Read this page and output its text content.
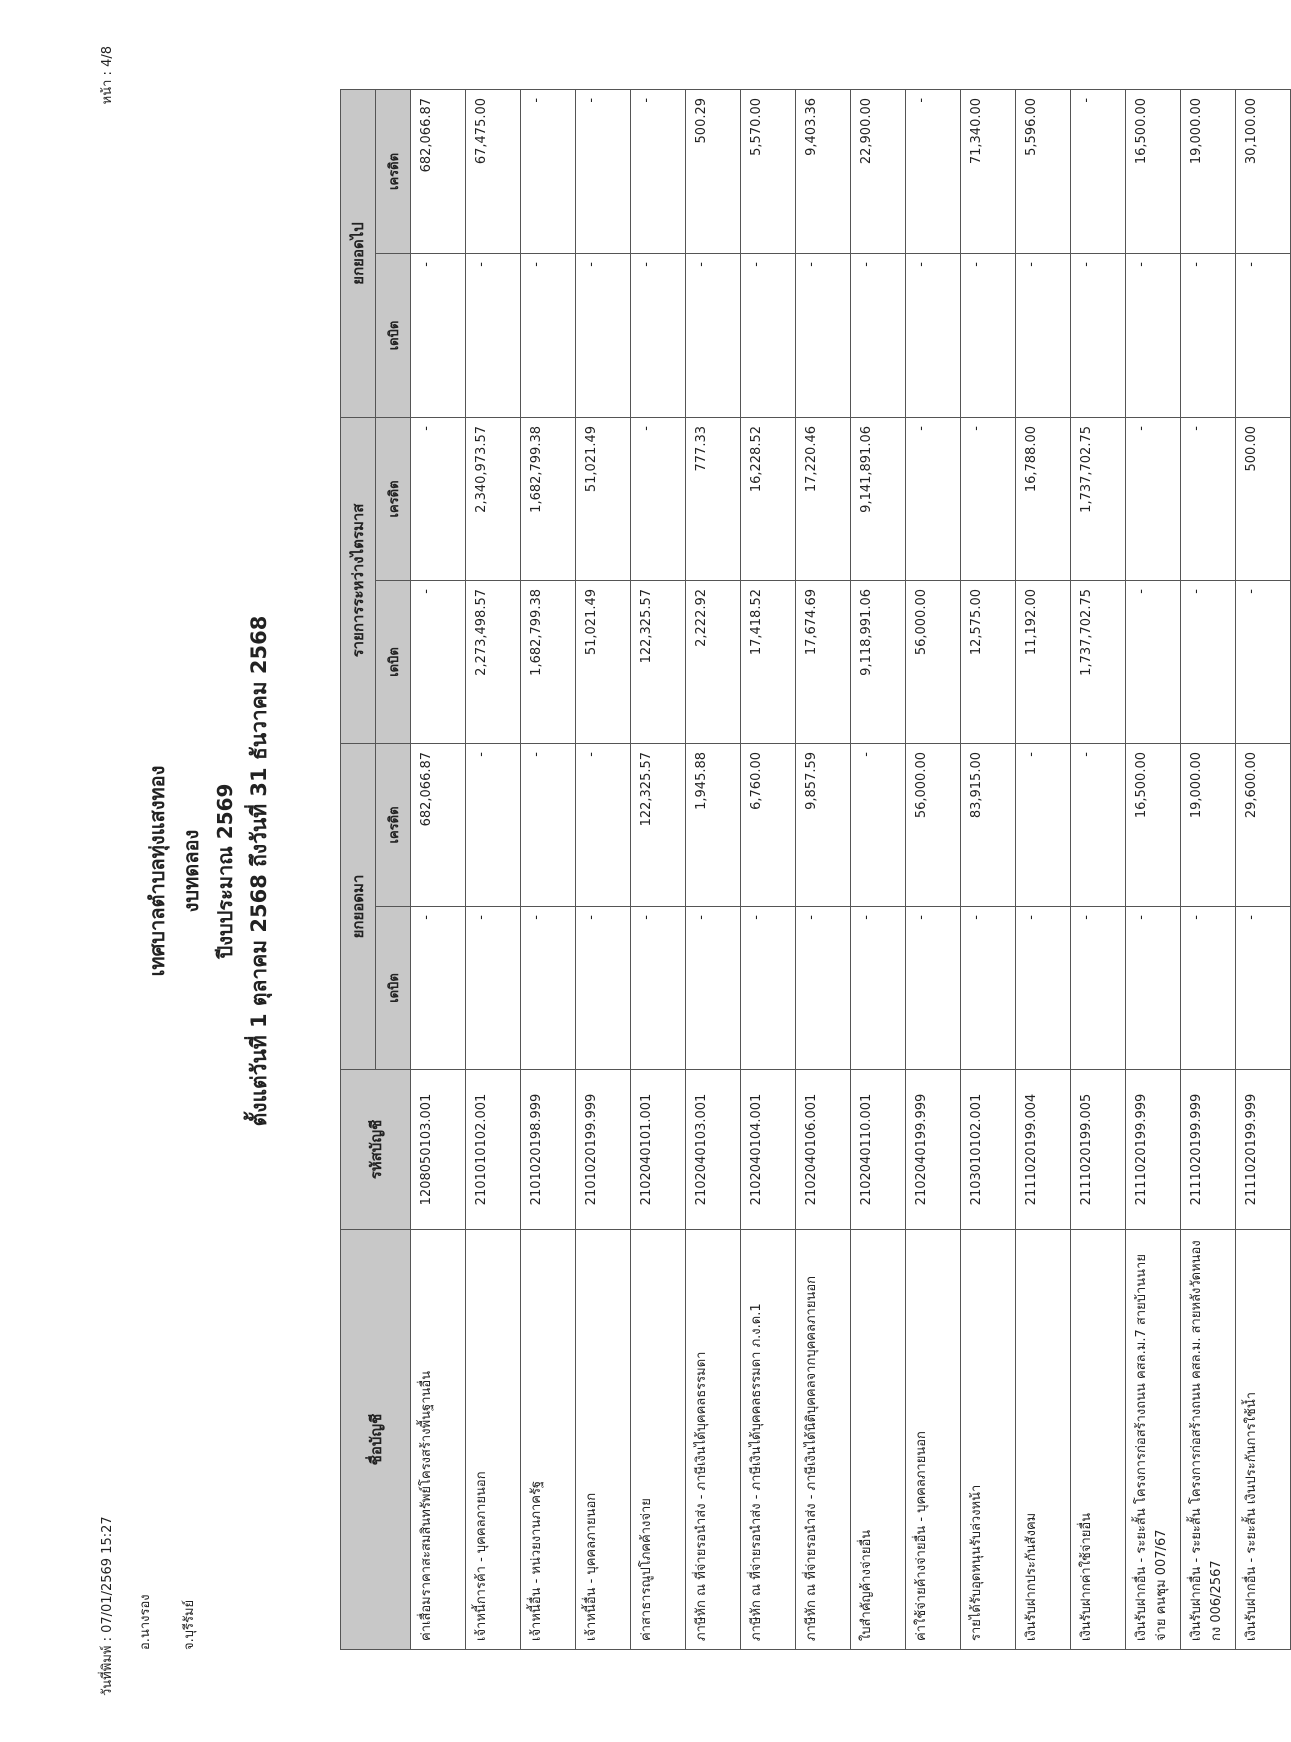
วันที่พิมพ์ : 07/01/2569 15:27	อ.นางรอง	จ.บุรีรัมย์
หน้า : 4/8
เทศบาลตำบลทุ่งแสงทอง งบทดลอง ปีงบประมาณ 2569 ตั้งแต่วันที่ 1 ตุลาคม 2568 ถึงวันที่ 31 ธันวาคม 2568
ชื่อบัญชี	รหัสบัญชี	ยกยอดมา		รายการระหว่างไตรมาส		ยกยอดไป	
		เดบิต	เครดิต	เดบิต	เครดิต	เดบิต	เครดิต
ค่าเสื่อมราคาสะสมสินทรัพย์โครงสร้างพื้นฐานอื่น	1208050103.001	-	682,066.87	-	-	-	682,066.87
เจ้าหนี้การค้า - บุคคลภายนอก	2101010102.001	-	-	2,273,498.57	2,340,973.57	-	67,475.00
เจ้าหนี้อื่น - หน่วยงานภาครัฐ	2101020198.999	-	-	1,682,799.38	1,682,799.38	-	-
เจ้าหนี้อื่น - บุคคลภายนอก	2101020199.999	-	-	51,021.49	51,021.49	-	-
ค่าสาธารณูปโภคค้างจ่าย	2102040101.001	-	122,325.57	122,325.57	-	-	-
ภาษีหัก ณ ที่จ่ายรอนำส่ง - ภาษีเงินได้บุคคลธรรมดา	2102040103.001	-	1,945.88	2,222.92	777.33	-	500.29
ภาษีหัก ณ ที่จ่ายรอนำส่ง - ภาษีเงินได้บุคคลธรรมดา ภ.ง.ด.1	2102040104.001	-	6,760.00	17,418.52	16,228.52	-	5,570.00
ภาษีหัก ณ ที่จ่ายรอนำส่ง - ภาษีเงินได้นิติบุคคลจากบุคคลภายนอก	2102040106.001	-	9,857.59	17,674.69	17,220.46	-	9,403.36
ใบสำคัญค้างจ่ายอื่น	2102040110.001	-	-	9,118,991.06	9,141,891.06	-	22,900.00
ค่าใช้จ่ายค้างจ่ายอื่น - บุคคลภายนอก	2102040199.999	-	56,000.00	56,000.00	-	-	-
รายได้รับอุดหนุนรับล่วงหน้า	2103010102.001	-	83,915.00	12,575.00	-	-	71,340.00
เงินรับฝากประกันสังคม	2111020199.004	-	-	11,192.00	16,788.00	-	5,596.00
เงินรับฝากค่าใช้จ่ายอื่น	2111020199.005	-	-	1,737,702.75	1,737,702.75	-	-
เงินรับฝากอื่น - ระยะสั้น โครงการก่อสร้างถนน คสล.ม.7 สายบ้านนายจ่าย คนชุม 007/67	2111020199.999	-	16,500.00	-	-	-	16,500.00
เงินรับฝากอื่น - ระยะสั้น โครงการก่อสร้างถนน คสล.ม. สายหลังวัดหนองกง 006/2567	2111020199.999	-	19,000.00	-	-	-	19,000.00
เงินรับฝากอื่น - ระยะสั้น เงินประกันการใช้น้ำ	2111020199.999	-	29,600.00	-	500.00	-	30,100.00
